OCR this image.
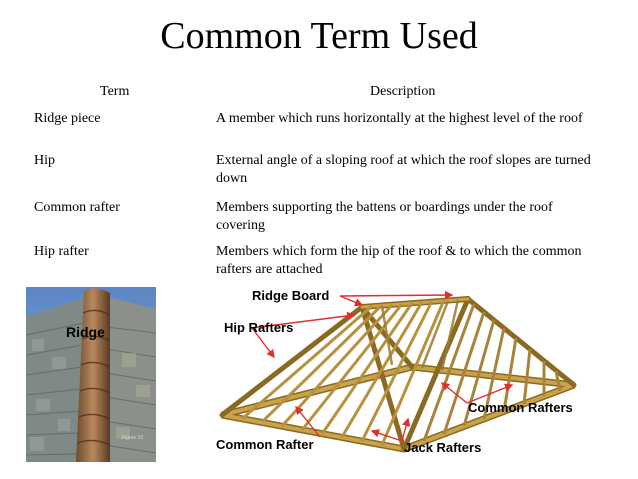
Common Term Used
Term	Description
Ridge piece	A member which runs horizontally at the highest level of the roof
Hip	External angle of a sloping roof at which the roof slopes are turned down
Common rafter	Members supporting the battens or boardings under the roof covering
Hip rafter	Members which form the hip of the roof & to which the common rafters are attached
Ridge
Figure 10
Ridge Board
Hip Rafters
Common Rafters
Common Rafter	Jack Rafters
